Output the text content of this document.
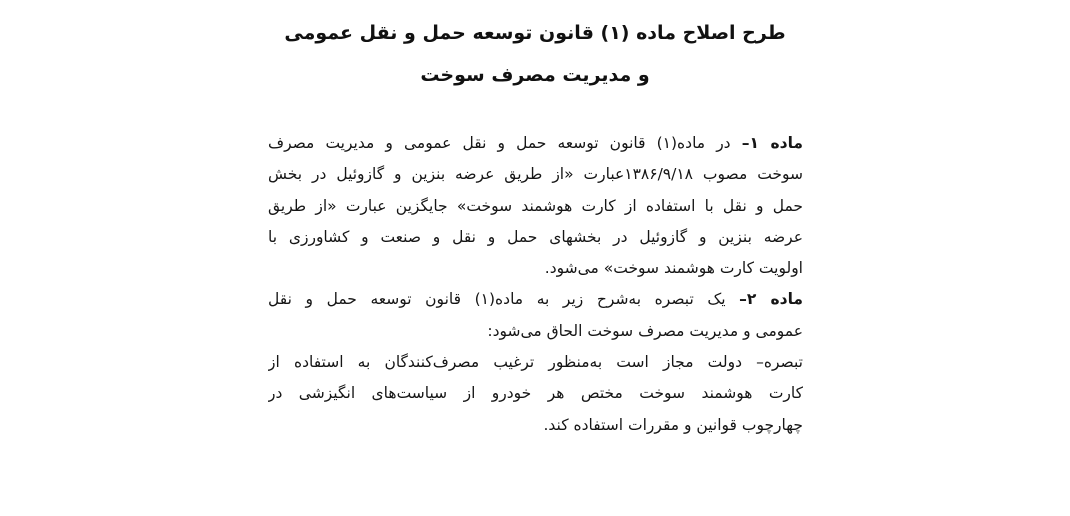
طرح اصلاح ماده (۱) قانون توسعه حمل و نقل عمومی
و مدیریت مصرف سوخت
ماده ۱– در ماده(۱) قانون توسعه حمل و نقل عمومی و مدیریت مصرف
سوخت مصوب ۱۳۸۶/۹/۱۸عبارت «از طریق عرضه بنزین و گازوئیل در بخش
حمل و نقل با استفاده از کارت هوشمند سوخت» جایگزین عبارت «از طریق
عرضه بنزین و گازوئیل در بخشهای حمل و نقل و صنعت و کشاورزی با
اولویت کارت هوشمند سوخت» می‌شود.
ماده ۲– یک تبصره به‌شرح زیر به ماده(۱) قانون توسعه حمل و نقل
عمومی و مدیریت مصرف سوخت الحاق می‌شود:
تبصره– دولت مجاز است به‌منظور ترغیب مصرف‌کنندگان به استفاده از
کارت هوشمند سوخت مختص هر خودرو از سیاست‌های انگیزشی در
چهارچوب قوانین و مقررات استفاده کند.
